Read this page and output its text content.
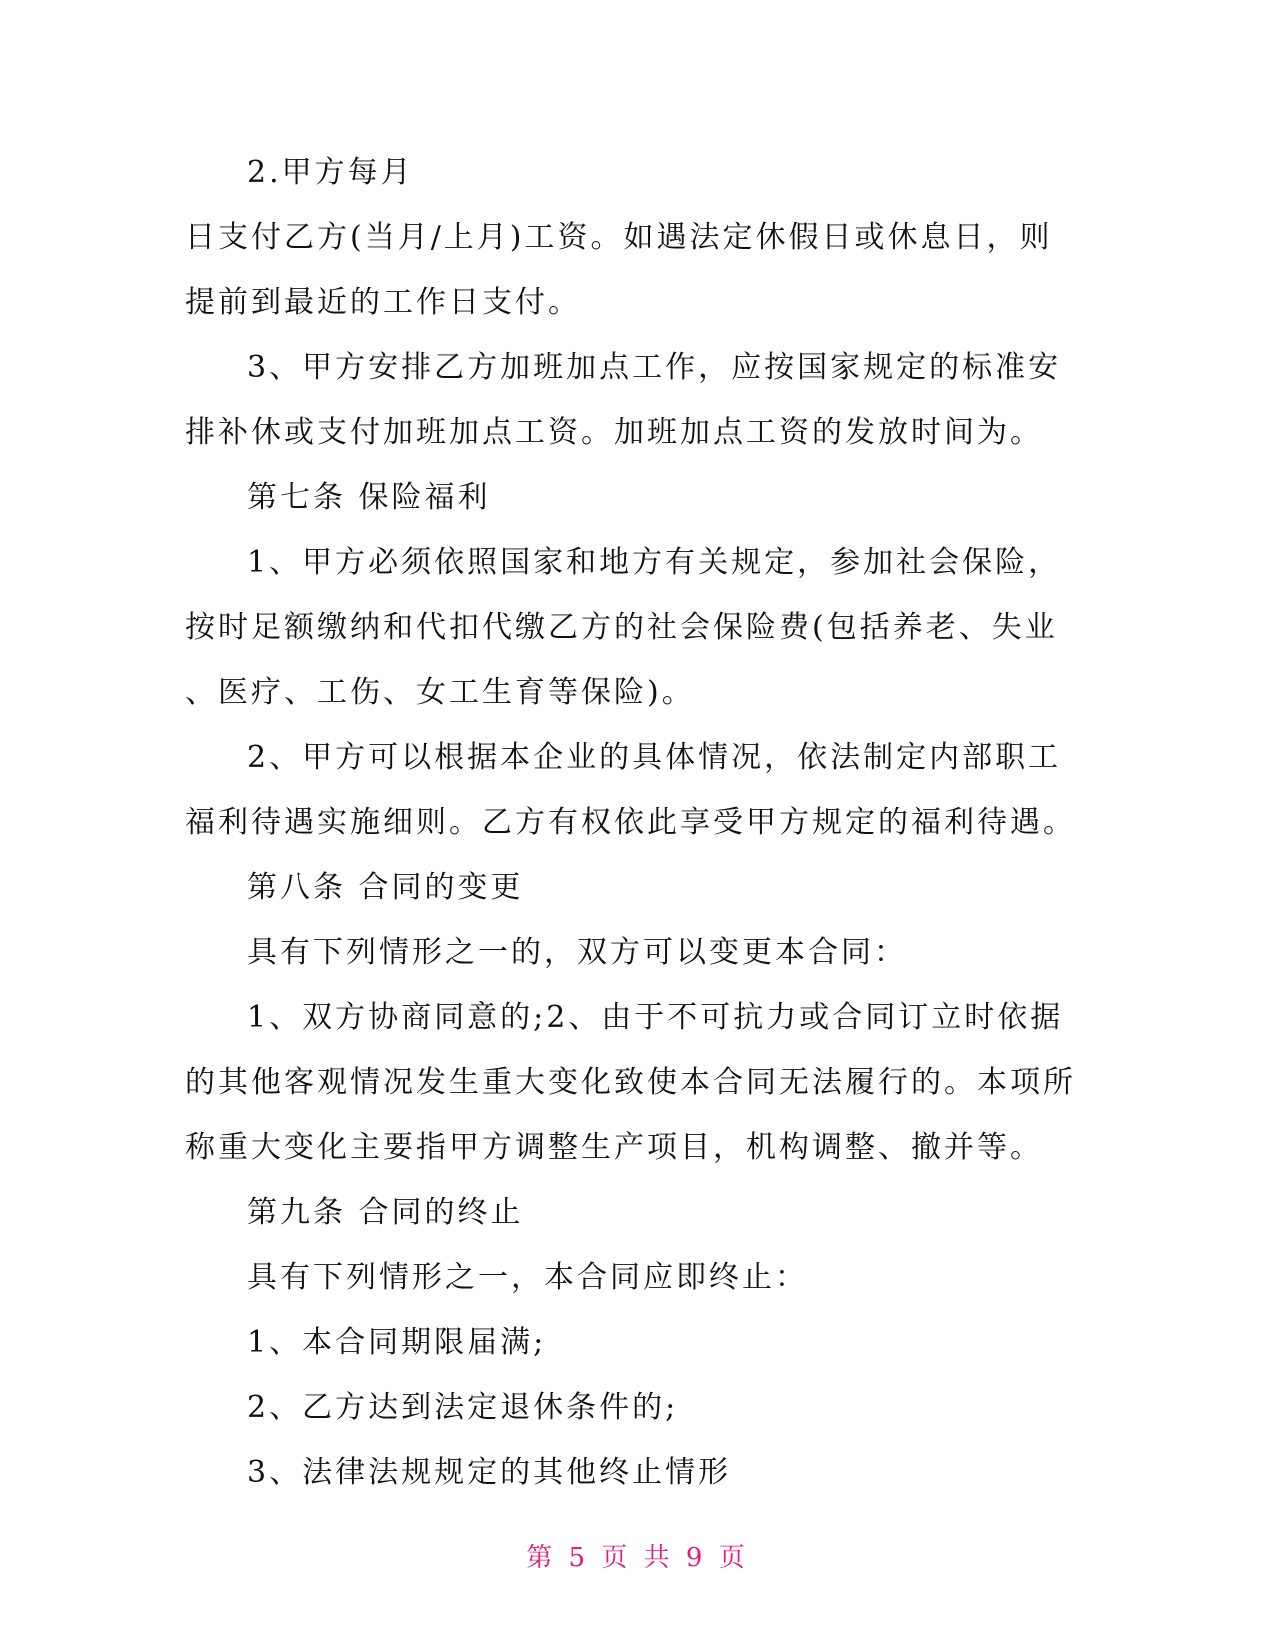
2.甲方每月
日支付乙方(当月/上月)工资。如遇法定休假日或休息日，则
提前到最近的工作日支付。
3、甲方安排乙方加班加点工作，应按国家规定的标准安
排补休或支付加班加点工资。加班加点工资的发放时间为。
第七条 保险福利
1、甲方必须依照国家和地方有关规定，参加社会保险，
按时足额缴纳和代扣代缴乙方的社会保险费(包括养老、失业
、医疗、工伤、女工生育等保险)。
2、甲方可以根据本企业的具体情况，依法制定内部职工
福利待遇实施细则。乙方有权依此享受甲方规定的福利待遇。
第八条 合同的变更
具有下列情形之一的，双方可以变更本合同：
1、双方协商同意的;2、由于不可抗力或合同订立时依据
的其他客观情况发生重大变化致使本合同无法履行的。本项所
称重大变化主要指甲方调整生产项目，机构调整、撤并等。
第九条 合同的终止
具有下列情形之一，本合同应即终止：
1、本合同期限届满;
2、乙方达到法定退休条件的;
3、法律法规规定的其他终止情形
第 5 页 共 9 页
